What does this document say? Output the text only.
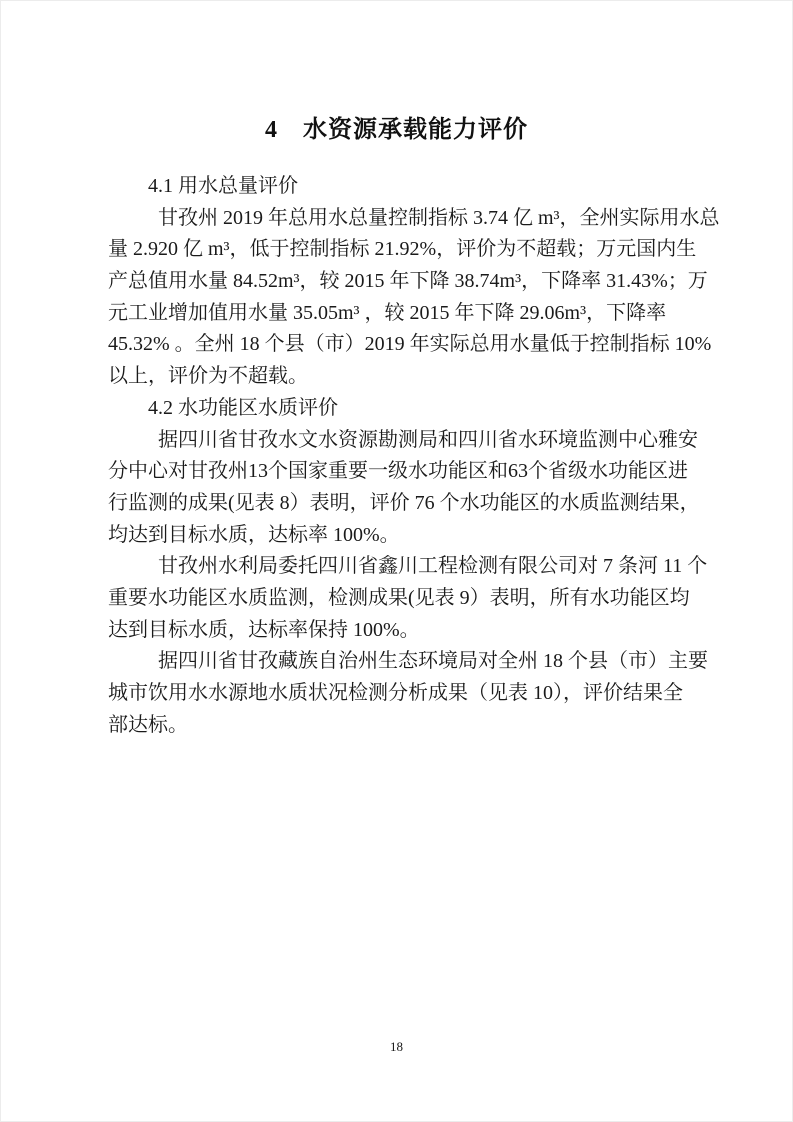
4　水资源承载能力评价
4.1 用水总量评价
甘孜州 2019 年总用水总量控制指标 3.74 亿 m³，全州实际用水总
量 2.920 亿 m³，低于控制指标 21.92%，评价为不超载；万元国内生
产总值用水量 84.52m³，较 2015 年下降 38.74m³，下降率 31.43%；万
元工业增加值用水量 35.05m³ ，较 2015 年下降 29.06m³，下降率
45.32% 。全州 18 个县（市）2019 年实际总用水量低于控制指标 10%
以上，评价为不超载。
4.2 水功能区水质评价
据四川省甘孜水文水资源勘测局和四川省水环境监测中心雅安
分中心对甘孜州13个国家重要一级水功能区和63个省级水功能区进
行监测的成果(见表 8）表明，评价 76 个水功能区的水质监测结果，
均达到目标水质，达标率 100%。
甘孜州水利局委托四川省鑫川工程检测有限公司对 7 条河 11 个
重要水功能区水质监测，检测成果(见表 9）表明，所有水功能区均
达到目标水质，达标率保持 100%。
据四川省甘孜藏族自治州生态环境局对全州 18 个县（市）主要
城市饮用水水源地水质状况检测分析成果（见表 10），评价结果全
部达标。
18
